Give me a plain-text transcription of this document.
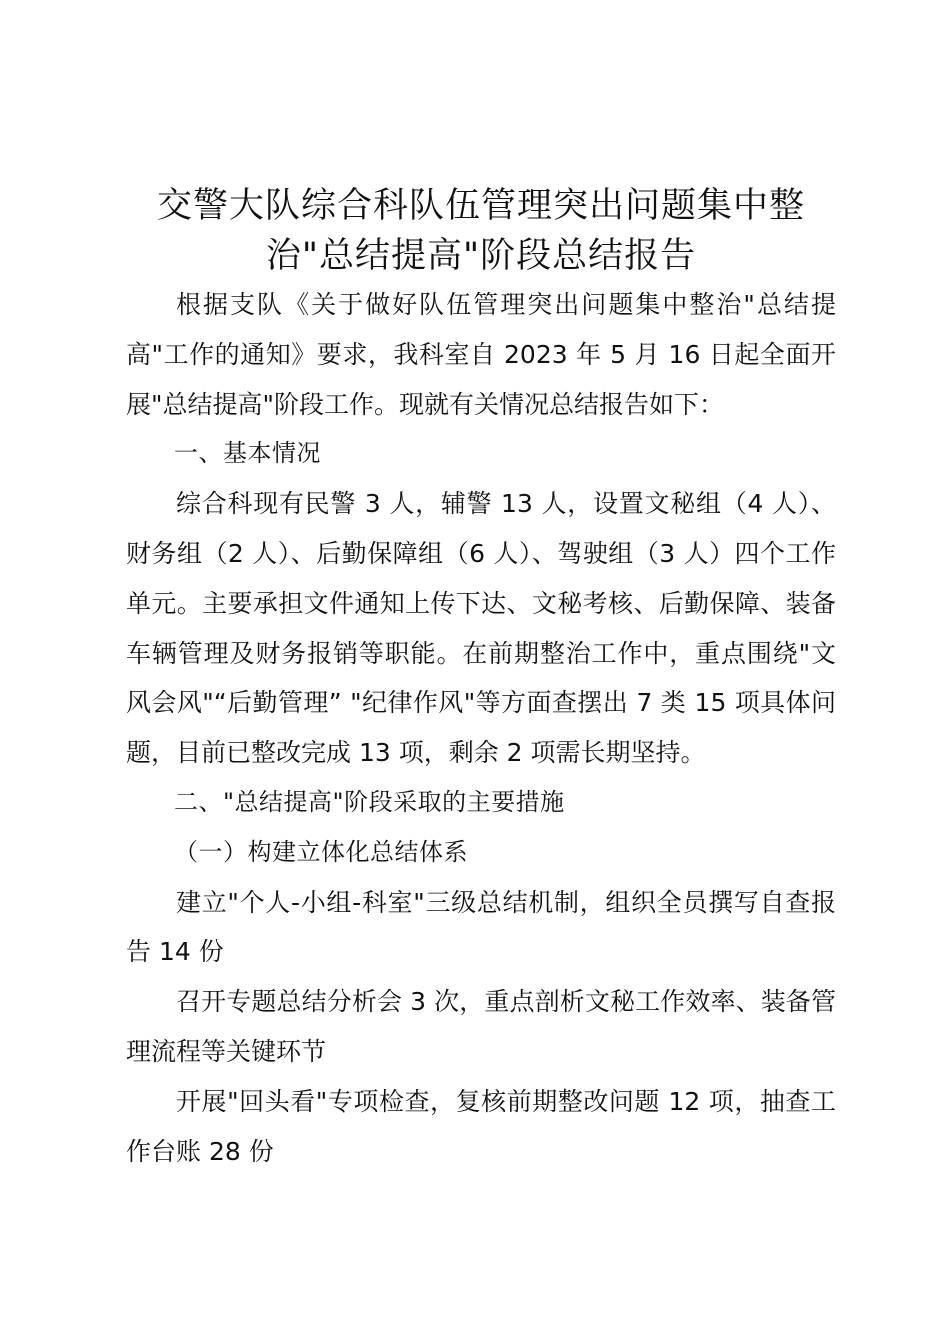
交警大队综合科队伍管理突出问题集中整
治"总结提高"阶段总结报告

根据支队《关于做好队伍管理突出问题集中整治"总结提高"工作的通知》要求，我科室自 2023 年 5 月 16 日起全面开展"总结提高"阶段工作。现就有关情况总结报告如下：

一、基本情况

综合科现有民警 3 人，辅警 13 人，设置文秘组（4 人）、财务组（2 人）、后勤保障组（6 人）、驾驶组（3 人）四个工作单元。主要承担文件通知上传下达、文秘考核、后勤保障、装备车辆管理及财务报销等职能。在前期整治工作中，重点围绕"文风会风"“后勤管理” "纪律作风"等方面查摆出 7 类 15 项具体问题，目前已整改完成 13 项，剩余 2 项需长期坚持。

二、"总结提高"阶段采取的主要措施

（一）构建立体化总结体系

建立"个人-小组-科室"三级总结机制，组织全员撰写自查报告 14 份

召开专题总结分析会 3 次，重点剖析文秘工作效率、装备管理流程等关键环节

开展"回头看"专项检查，复核前期整改问题 12 项，抽查工作台账 28 份
